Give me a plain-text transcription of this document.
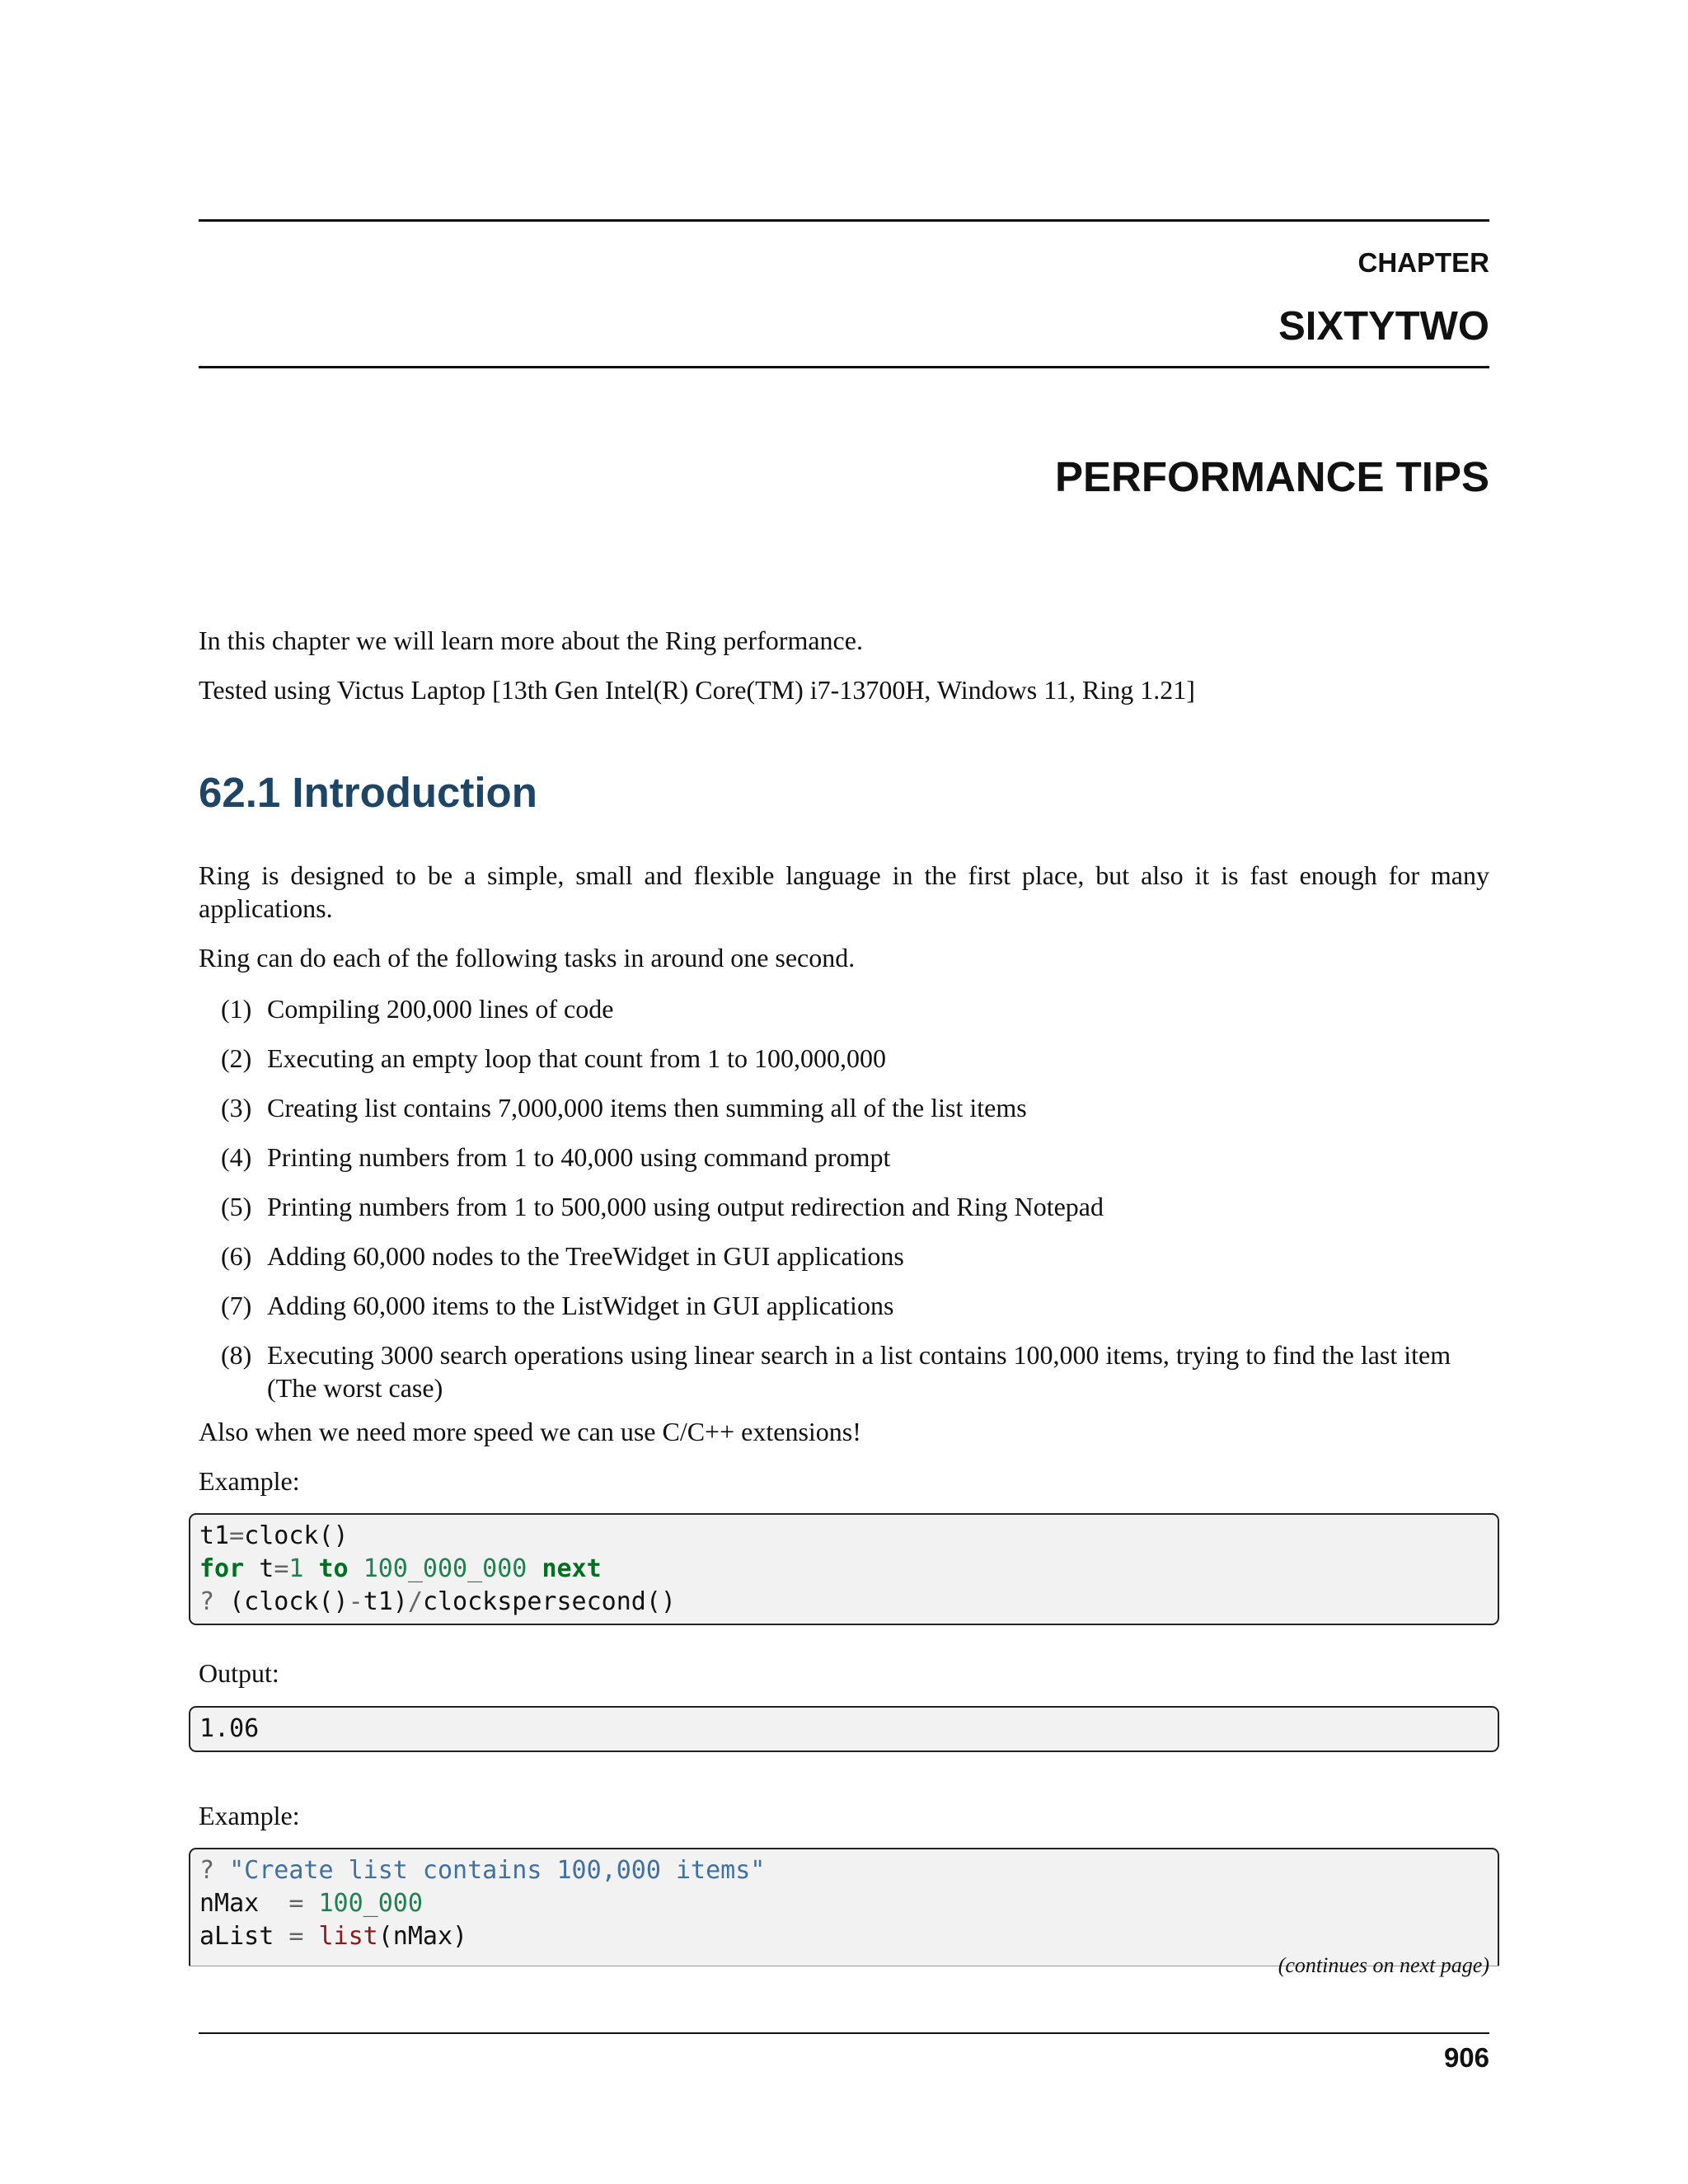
CHAPTER
SIXTYTWO
PERFORMANCE TIPS
In this chapter we will learn more about the Ring performance.
Tested using Victus Laptop [13th Gen Intel(R) Core(TM) i7-13700H, Windows 11, Ring 1.21]
62.1 Introduction
Ring is designed to be a simple, small and flexible language in the first place, but also it is fast enough for many applications.
Ring can do each of the following tasks in around one second.
(1) Compiling 200,000 lines of code
(2) Executing an empty loop that count from 1 to 100,000,000
(3) Creating list contains 7,000,000 items then summing all of the list items
(4) Printing numbers from 1 to 40,000 using command prompt
(5) Printing numbers from 1 to 500,000 using output redirection and Ring Notepad
(6) Adding 60,000 nodes to the TreeWidget in GUI applications
(7) Adding 60,000 items to the ListWidget in GUI applications
(8) Executing 3000 search operations using linear search in a list contains 100,000 items, trying to find the last item (The worst case)
Also when we need more speed we can use C/C++ extensions!
Example:
t1=clock()
for t=1 to 100_000_000 next
? (clock()-t1)/clockspersecond()
Output:
1.06
Example:
? "Create list contains 100,000 items"
nMax  = 100_000
aList = list(nMax)
(continues on next page)
906
